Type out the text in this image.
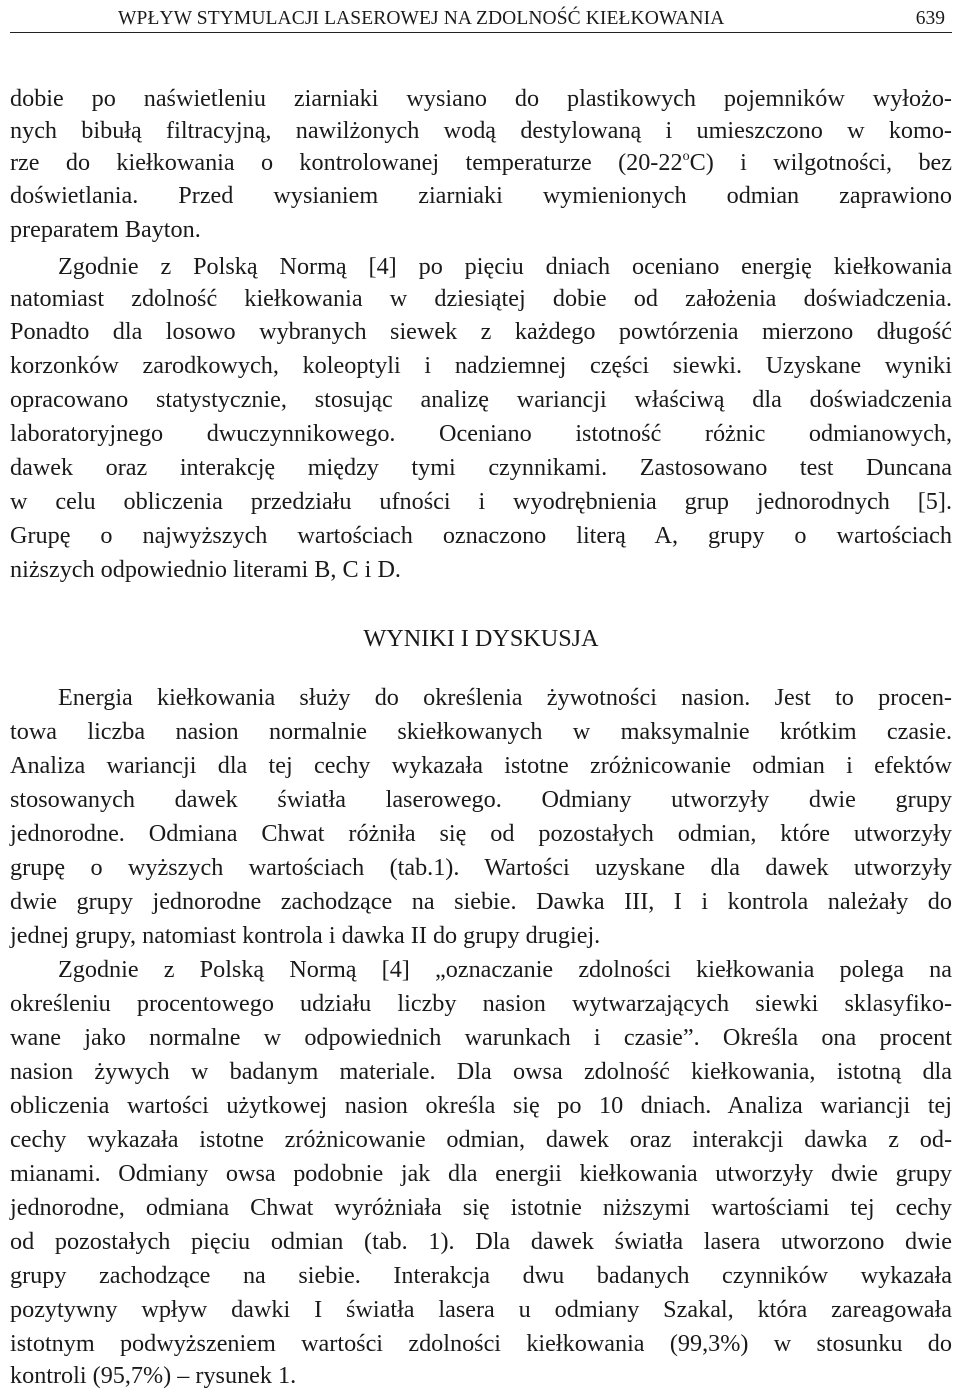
WPŁYW STYMULACJI LASEROWEJ NA ZDOLNOŚĆ KIEŁKOWANIA	639
dobie po naświetleniu ziarniaki wysiano do plastikowych pojemników wyłożo-
nych bibułą filtracyjną, nawilżonych wodą destylowaną i umieszczono w komo-
rze do kiełkowania o kontrolowanej temperaturze (20-22$^o$C) i wilgotności, bez
doświetlania. Przed wysianiem ziarniaki wymienionych odmian zaprawiono
preparatem Bayton.
Zgodnie z Polską Normą [4] po pięciu dniach oceniano energię kiełkowania
natomiast zdolność kiełkowania w dziesiątej dobie od założenia doświadczenia.
Ponadto dla losowo wybranych siewek z każdego powtórzenia mierzono długość
korzonków zarodkowych, koleoptyli i nadziemnej części siewki. Uzyskane wyniki
opracowano statystycznie, stosując analizę wariancji właściwą dla doświadczenia
laboratoryjnego dwuczynnikowego. Oceniano istotność różnic odmianowych,
dawek oraz interakcję między tymi czynnikami. Zastosowano test Duncana
w celu obliczenia przedziału ufności i wyodrębnienia grup jednorodnych [5].
Grupę o najwyższych wartościach oznaczono literą A, grupy o wartościach
niższych odpowiednio literami B, C i D.
WYNIKI I DYSKUSJA
Energia kiełkowania służy do określenia żywotności nasion. Jest to procen-
towa liczba nasion normalnie skiełkowanych w maksymalnie krótkim czasie.
Analiza wariancji dla tej cechy wykazała istotne zróżnicowanie odmian i efektów
stosowanych dawek światła laserowego. Odmiany utworzyły dwie grupy
jednorodne. Odmiana Chwat różniła się od pozostałych odmian, które utworzyły
grupę o wyższych wartościach (tab.1). Wartości uzyskane dla dawek utworzyły
dwie grupy jednorodne zachodzące na siebie. Dawka III, I i kontrola należały do
jednej grupy, natomiast kontrola i dawka II do grupy drugiej.
Zgodnie z Polską Normą [4] „oznaczanie zdolności kiełkowania polega na
określeniu procentowego udziału liczby nasion wytwarzających siewki sklasyfiko-
wane jako normalne w odpowiednich warunkach i czasie”. Określa ona procent
nasion żywych w badanym materiale. Dla owsa zdolność kiełkowania, istotną dla
obliczenia wartości użytkowej nasion określa się po 10 dniach. Analiza wariancji tej
cechy wykazała istotne zróżnicowanie odmian, dawek oraz interakcji dawka z od-
mianami. Odmiany owsa podobnie jak dla energii kiełkowania utworzyły dwie grupy
jednorodne, odmiana Chwat wyróżniała się istotnie niższymi wartościami tej cechy
od pozostałych pięciu odmian (tab. 1). Dla dawek światła lasera utworzono dwie
grupy zachodzące na siebie. Interakcja dwu badanych czynników wykazała
pozytywny wpływ dawki I światła lasera u odmiany Szakal, która zareagowała
istotnym podwyższeniem wartości zdolności kiełkowania (99,3%) w stosunku do
kontroli (95,7%) – rysunek 1.
